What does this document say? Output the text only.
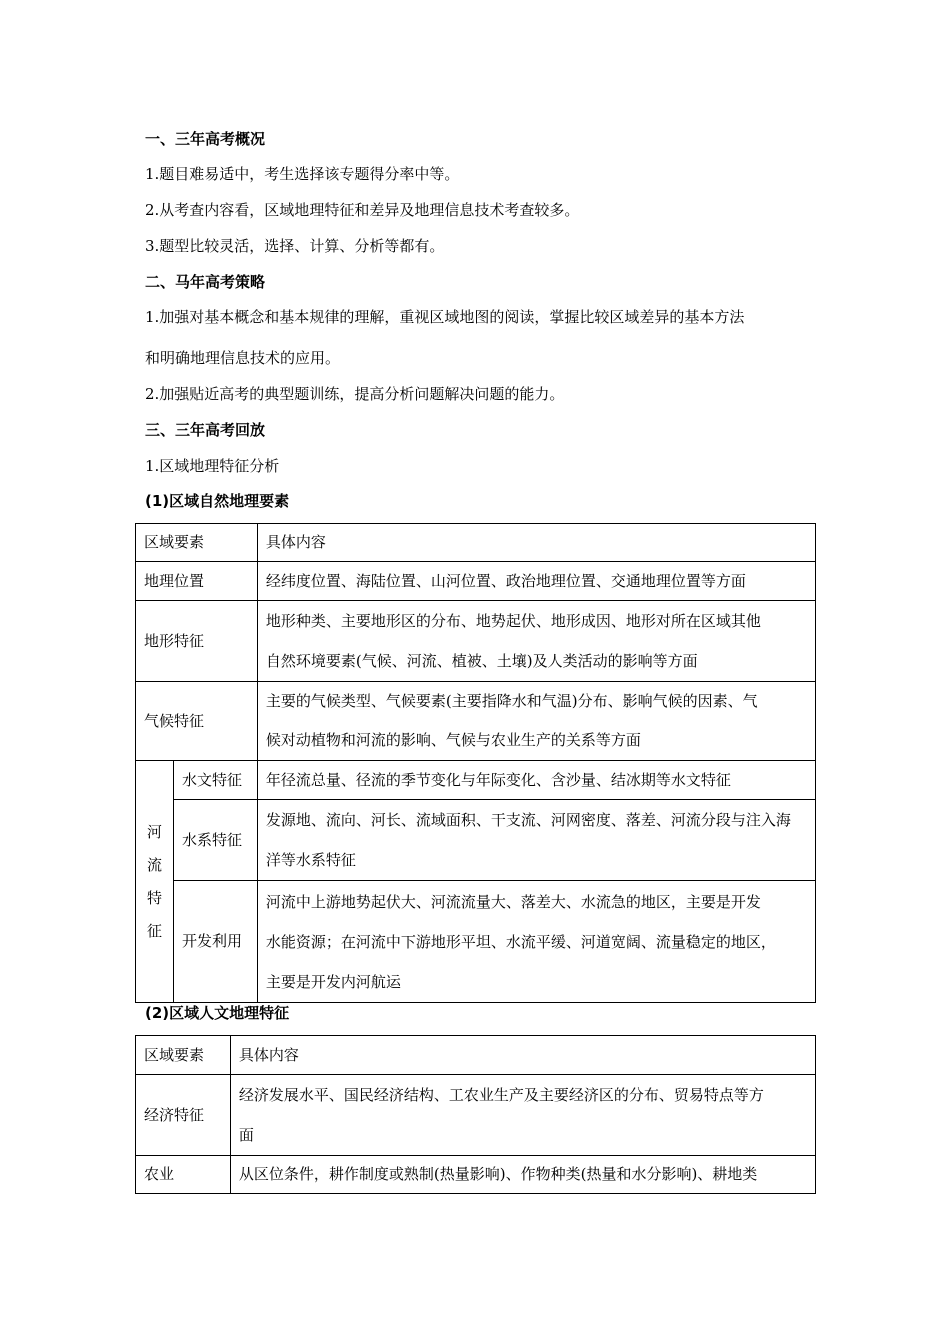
一、三年高考概况
1.题目难易适中，考生选择该专题得分率中等。
2.从考查内容看，区域地理特征和差异及地理信息技术考查较多。
3.题型比较灵活，选择、计算、分析等都有。
二、马年高考策略
1.加强对基本概念和基本规律的理解，重视区域地图的阅读，掌握比较区域差异的基本方法
和明确地理信息技术的应用。
2.加强贴近高考的典型题训练，提高分析问题解决问题的能力。
三、三年高考回放
1.区域地理特征分析
(1)区域自然地理要素
区域要素		具体内容
地理位置		经纬度位置、海陆位置、山河位置、政治地理位置、交通地理位置等方面

地形特征		地形种类、主要地形区的分布、地势起伏、地形成因、地形对所在区域其他
自然环境要素(气候、河流、植被、土壤)及人类活动的影响等方面

气候特征		主要的气候类型、气候要素(主要指降水和气温)分布、影响气候的因素、气
候对动植物和河流的影响、气候与农业生产的关系等方面

河
流
特
征	水文特征	年径流总量、径流的季节变化与年际变化、含沙量、结冰期等水文特征

	水系特征	发源地、流向、河长、流域面积、干支流、河网密度、落差、河流分段与注入海
洋等水系特征

	开发利用	河流中上游地势起伏大、河流流量大、落差大、水流急的地区，主要是开发
水能资源；在河流中下游地形平坦、水流平缓、河道宽阔、流量稳定的地区，
主要是开发内河航运
(2)区域人文地理特征
区域要素	具体内容
经济特征	经济发展水平、国民经济结构、工农业生产及主要经济区的分布、贸易特点等方
面

农业	从区位条件，耕作制度或熟制(热量影响)、作物种类(热量和水分影响)、耕地类
